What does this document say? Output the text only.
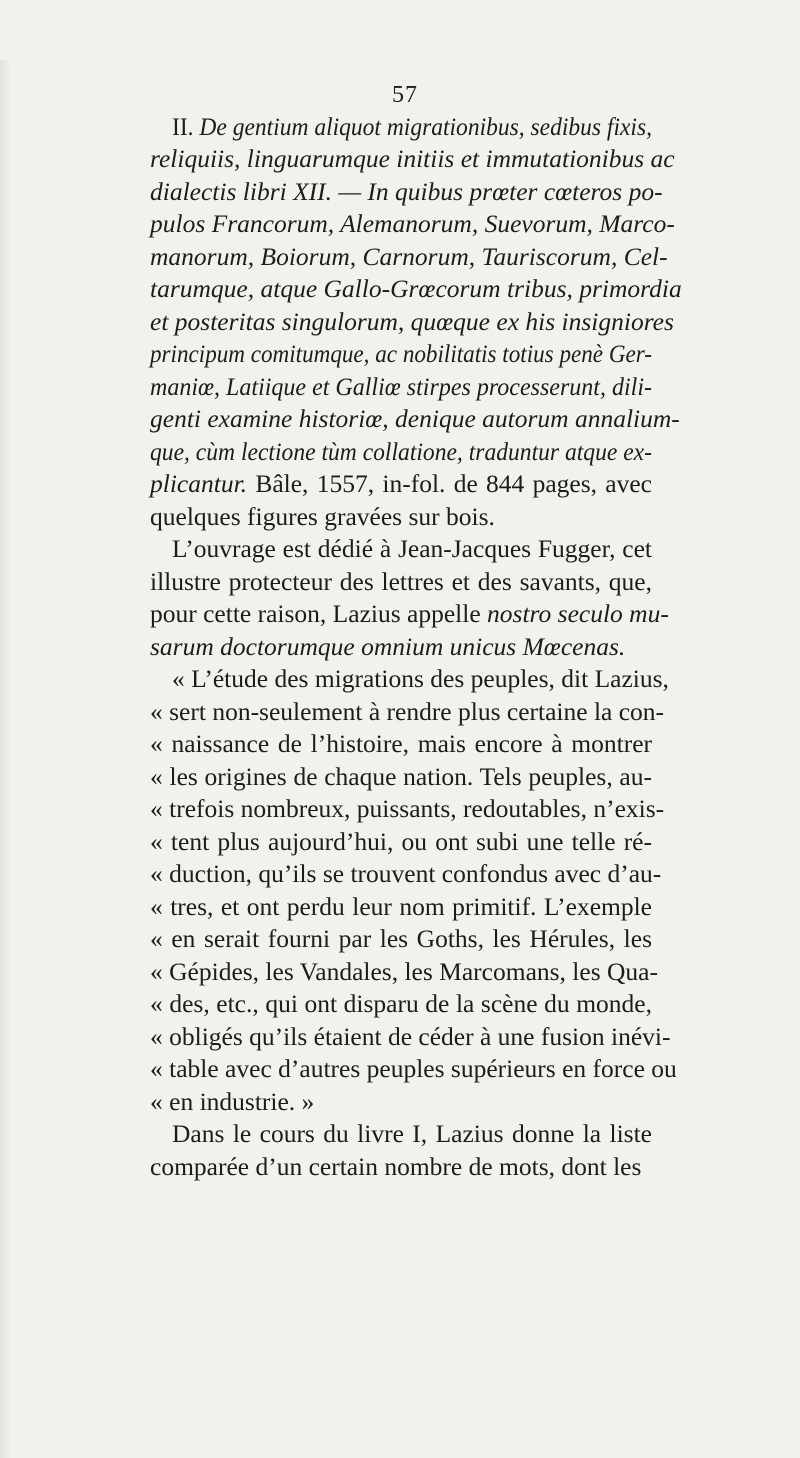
57
II. De gentium aliquot migrationibus, sedibus fixis,
reliquiis, linguarumque initiis et immutationibus ac
dialectis libri XII. — In quibus prœter cœteros po-
pulos Francorum, Alemanorum, Suevorum, Marco-
manorum, Boiorum, Carnorum, Tauriscorum, Cel-
tarumque, atque Gallo-Grœcorum tribus, primordia
et posteritas singulorum, quœque ex his insigniores
principum comitumque, ac nobilitatis totius penè Ger-
maniœ, Latiique et Galliœ stirpes processerunt, dili-
genti examine historiœ, denique autorum annalium-
que, cùm lectione tùm collatione, traduntur atque ex-
plicantur. Bâle, 1557, in-fol. de 844 pages, avec
quelques figures gravées sur bois.
L’ouvrage est dédié à Jean-Jacques Fugger, cet
illustre protecteur des lettres et des savants, que,
pour cette raison, Lazius appelle nostro seculo mu-
sarum doctorumque omnium unicus Mœcenas.
« L’étude des migrations des peuples, dit Lazius,
« sert non-seulement à rendre plus certaine la con-
« naissance de l’histoire, mais encore à montrer
« les origines de chaque nation. Tels peuples, au-
« trefois nombreux, puissants, redoutables, n’exis-
« tent plus aujourd’hui, ou ont subi une telle ré-
« duction, qu’ils se trouvent confondus avec d’au-
« tres, et ont perdu leur nom primitif. L’exemple
« en serait fourni par les Goths, les Hérules, les
« Gépides, les Vandales, les Marcomans, les Qua-
« des, etc., qui ont disparu de la scène du monde,
« obligés qu’ils étaient de céder à une fusion inévi-
« table avec d’autres peuples supérieurs en force ou
« en industrie. »
Dans le cours du livre I, Lazius donne la liste
comparée d’un certain nombre de mots, dont les
